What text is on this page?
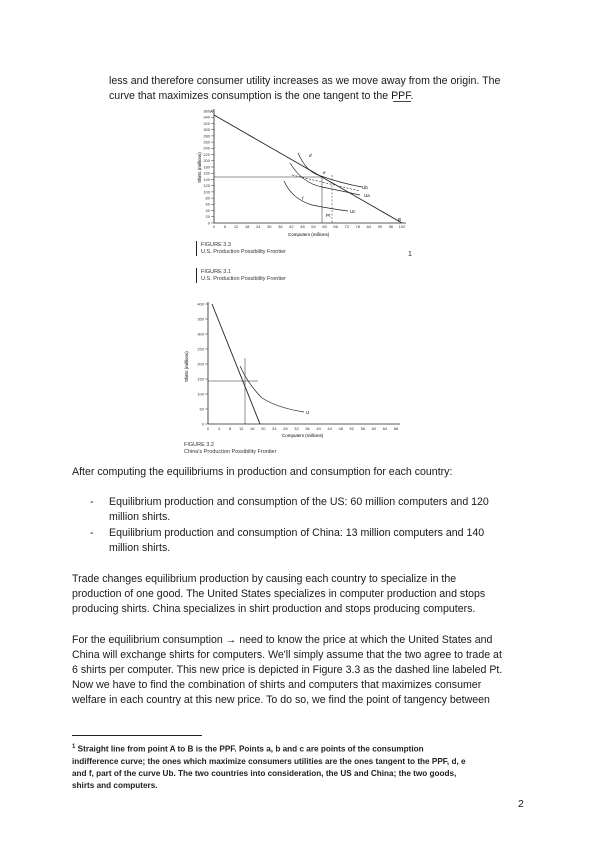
less and therefore consumer utility increases as we move away from the origin. The
curve that maximizes consumption is the one tangent to the PPF.
360
340
320
300
280
260
240
220
200
180
160
140
120
100
80
60
40
20
0
0 6 12 18 24 30 36 42 48 54 60 66 72 78 84 90 96 102
A
B
d
e
f
Ub
Ua
Uc
Pt
Computers (millions)
Shirts (millions)
FIGURE 3.3
U.S. Production Possibility Frontier	1
FIGURE 3.1
U.S. Production Possibility Frontier
400
350
300
250
200
150
100
50
0
0 4 8 12 16 20 24 28 32 36 40 44 48 52 56 60 64 68
U
Computers (millions)
Shirts (millions)
FIGURE 3.2
China's Production Possibility Frontier
After computing the equilibriums in production and consumption for each country:
- Equilibrium production and consumption of the US: 60 million computers and 120
million shirts.
- Equilibrium production and consumption of China: 13 million computers and 140
million shirts.
Trade changes equilibrium production by causing each country to specialize in the
production of one good. The United States specializes in computer production and stops
producing shirts. China specializes in shirt production and stops producing computers.
For the equilibrium consumption → need to know the price at which the United States and
China will exchange shirts for computers. We'll simply assume that the two agree to trade at
6 shirts per computer. This new price is depicted in Figure 3.3 as the dashed line labeled Pt.
Now we have to find the combination of shirts and computers that maximizes consumer
welfare in each country at this new price. To do so, we find the point of tangency between
$^1$ Straight line from point A to B is the PPF. Points a, b and c are points of the consumption
indifference curve; the ones which maximize consumers utilities are the ones tangent to the PPF, d, e
and f, part of the curve Ub. The two countries into consideration, the US and China; the two goods,
shirts and computers.
2
